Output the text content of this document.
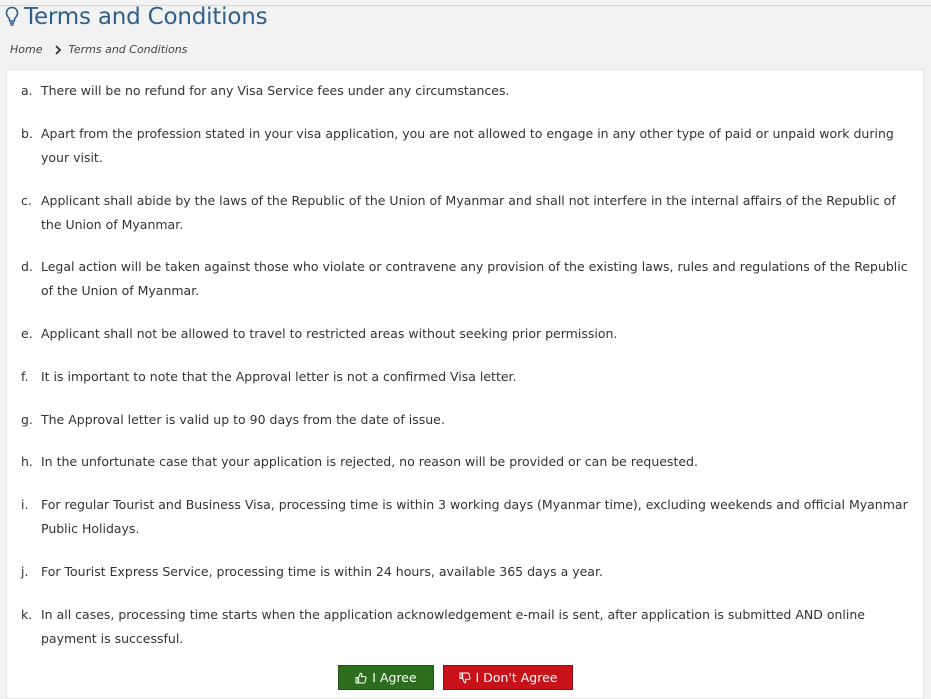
Terms and Conditions
Home Terms and Conditions
a. There will be no refund for any Visa Service fees under any circumstances.
b. Apart from the profession stated in your visa application, you are not allowed to engage in any other type of paid or unpaid work during your visit.
c. Applicant shall abide by the laws of the Republic of the Union of Myanmar and shall not interfere in the internal affairs of the Republic of the Union of Myanmar.
d. Legal action will be taken against those who violate or contravene any provision of the existing laws, rules and regulations of the Republic of the Union of Myanmar.
e. Applicant shall not be allowed to travel to restricted areas without seeking prior permission.
f.	It is important to note that the Approval letter is not a confirmed Visa letter.
g. The Approval letter is valid up to 90 days from the date of issue.
h. In the unfortunate case that your application is rejected, no reason will be provided or can be requested.
i.	For regular Tourist and Business Visa, processing time is within 3 working days (Myanmar time), excluding weekends and official Myanmar Public Holidays.
j.	For Tourist Express Service, processing time is within 24 hours, available 365 days a year.
k. In all cases, processing time starts when the application acknowledgement e-mail is sent, after application is submitted AND online payment is successful.
I Agree	I Don't Agree
